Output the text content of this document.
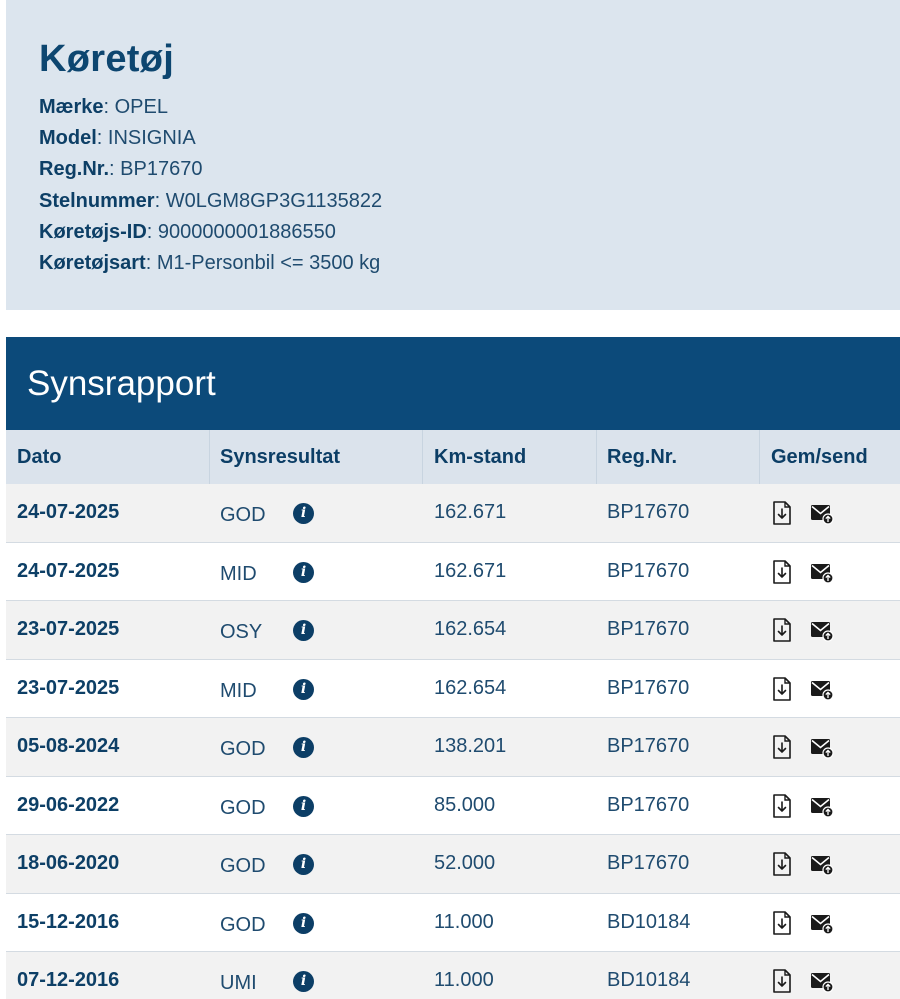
Køretøj
Mærke: OPEL
Model: INSIGNIA
Reg.Nr.: BP17670
Stelnummer: W0LGM8GP3G1135822
Køretøjs-ID: 9000000001886550
Køretøjsart: M1-Personbil <= 3500 kg
Synsrapport
Dato	Synsresultat	Km-stand	Reg.Nr.	Gem/send
24-07-2025	GOD	i	162.671	BP17670
24-07-2025	MID	i	162.671	BP17670
23-07-2025	OSY	i	162.654	BP17670
23-07-2025	MID	i	162.654	BP17670
05-08-2024	GOD	i	138.201	BP17670
29-06-2022	GOD	i	85.000	BP17670
18-06-2020	GOD	i	52.000	BP17670
15-12-2016	GOD	i	11.000	BD10184
07-12-2016	UMI	i	11.000	BD10184
